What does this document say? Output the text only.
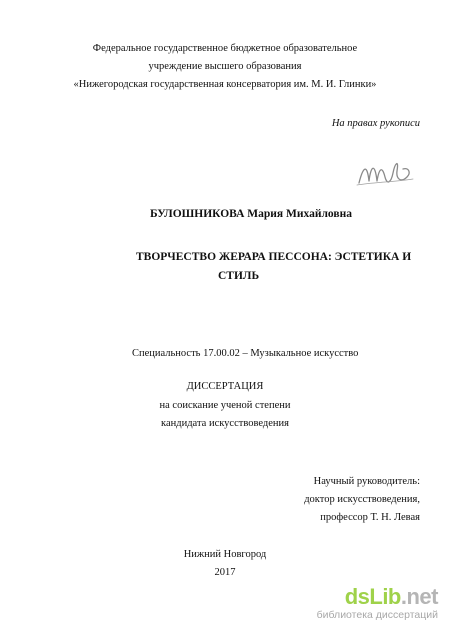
Федеральное государственное бюджетное образовательное
учреждение высшего образования
«Нижегородская государственная консерватория им. М. И. Глинки»
На правах рукописи
БУЛОШНИКОВА Мария Михайловна
ТВОРЧЕСТВО ЖЕРАРА ПЕССОНА: ЭСТЕТИКА И
СТИЛЬ
Специальность 17.00.02 – Музыкальное искусство
ДИССЕРТАЦИЯ
на соискание ученой степени
кандидата искусствоведения
Научный руководитель:
доктор искусствоведения,
профессор Т. Н. Левая
Нижний Новгород
2017
dsLib.net
библиотека диссертаций
